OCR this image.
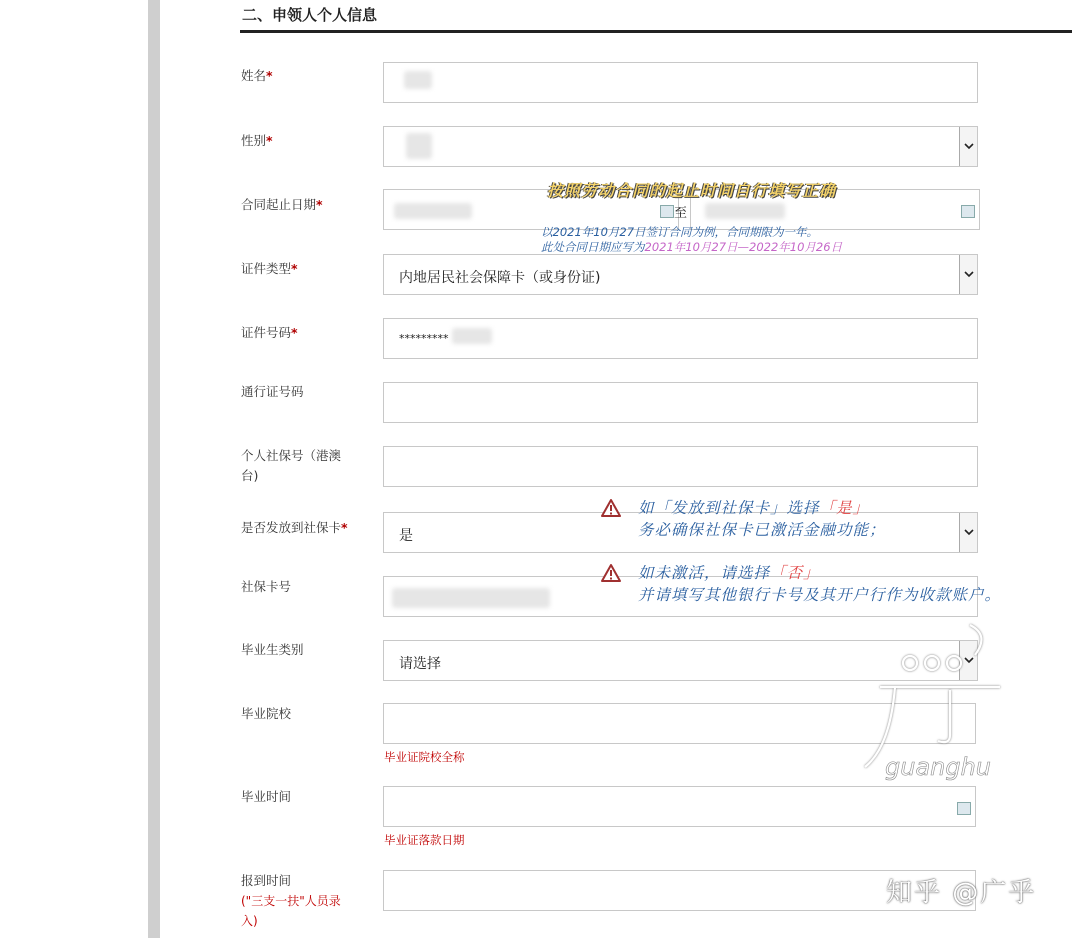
二、申领人个人信息
姓名*
性别*
合同起止日期*
至
证件类型*
内地居民社会保障卡（或身份证)
证件号码*	*********
通行证号码
个人社保号（港澳台)
是否发放到社保卡*
是
社保卡号
毕业生类别
请选择
毕业院校
毕业证院校全称
毕业时间
毕业证落款日期
报到时间
("三支一扶"人员录入)
按照劳动合同的起止时间自行填写正确
以2021年10月27日签订合同为例，合同期限为一年。
此处合同日期应写为2021年10月27日—2022年10月26日
如「发放到社保卡」选择「是」
务必确保社保卡已激活金融功能；
如未激活，请选择「否」
并请填写其他银行卡号及其开户行作为收款账户。
guanghu
知乎 @广乎
